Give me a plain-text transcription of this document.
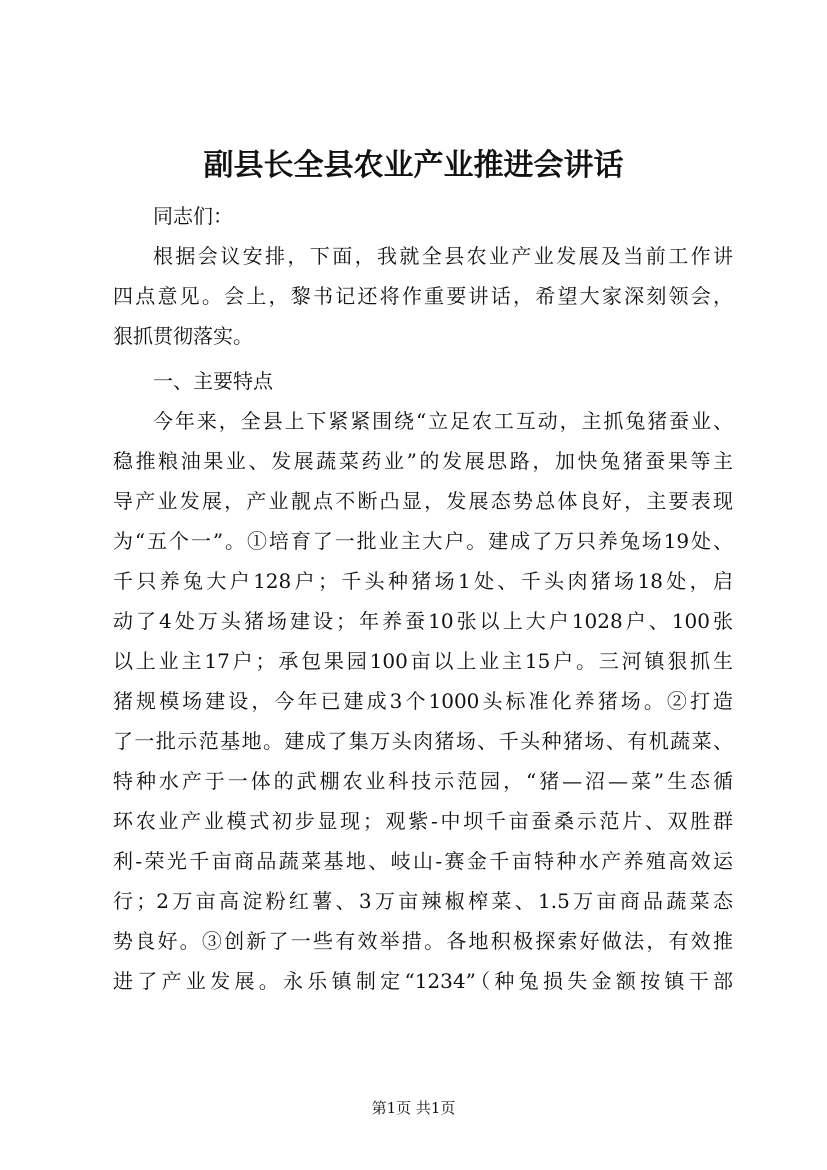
副县长全县农业产业推进会讲话
同志们：
根据会议安排，下面，我就全县农业产业发展及当前工作讲
四点意见。会上，黎书记还将作重要讲话，希望大家深刻领会，
狠抓贯彻落实。
一、主要特点
今年来，全县上下紧紧围绕“立足农工互动，主抓兔猪蚕业、
稳推粮油果业、发展蔬菜药业”的发展思路，加快兔猪蚕果等主
导产业发展，产业靓点不断凸显，发展态势总体良好，主要表现
为“五个一”。①培育了一批业主大户。建成了万只养兔场19处、
千只养兔大户128户；千头种猪场1处、千头肉猪场18处，启
动了4处万头猪场建设；年养蚕10张以上大户1028户、100张
以上业主17户；承包果园100亩以上业主15户。三河镇狠抓生
猪规模场建设，今年已建成3个1000头标准化养猪场。②打造
了一批示范基地。建成了集万头肉猪场、千头种猪场、有机蔬菜、
特种水产于一体的武棚农业科技示范园，“猪—沼—菜”生态循
环农业产业模式初步显现；观紫-中坝千亩蚕桑示范片、双胜群
利-荣光千亩商品蔬菜基地、岐山-赛金千亩特种水产养殖高效运
行；2万亩高淀粉红薯、3万亩辣椒榨菜、1.5万亩商品蔬菜态
势良好。③创新了一些有效举措。各地积极探索好做法，有效推
进了产业发展。永乐镇制定“1234”（种兔损失金额按镇干部
第1页 共1页
